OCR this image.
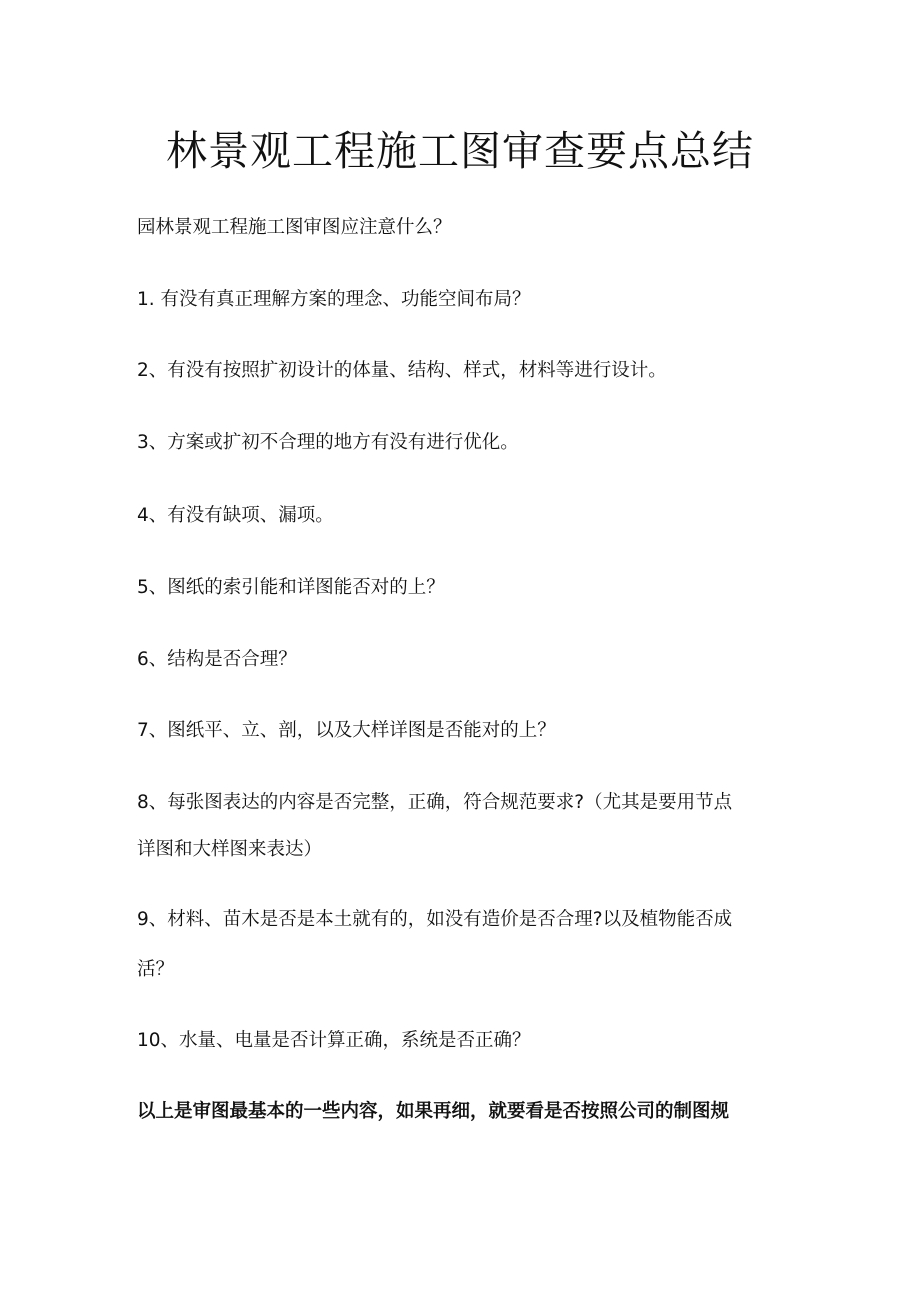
林景观工程施工图审查要点总结
园林景观工程施工图审图应注意什么？
1. 有没有真正理解方案的理念、功能空间布局？
2、有没有按照扩初设计的体量、结构、样式，材料等进行设计。
3、方案或扩初不合理的地方有没有进行优化。
4、有没有缺项、漏项。
5、图纸的索引能和详图能否对的上？
6、结构是否合理？
7、图纸平、立、剖，以及大样详图是否能对的上？
8、每张图表达的内容是否完整，正确，符合规范要求?（尤其是要用节点
详图和大样图来表达）
9、材料、苗木是否是本土就有的，如没有造价是否合理?以及植物能否成
活？
10、水量、电量是否计算正确，系统是否正确？
以上是审图最基本的一些内容，如果再细，就要看是否按照公司的制图规
